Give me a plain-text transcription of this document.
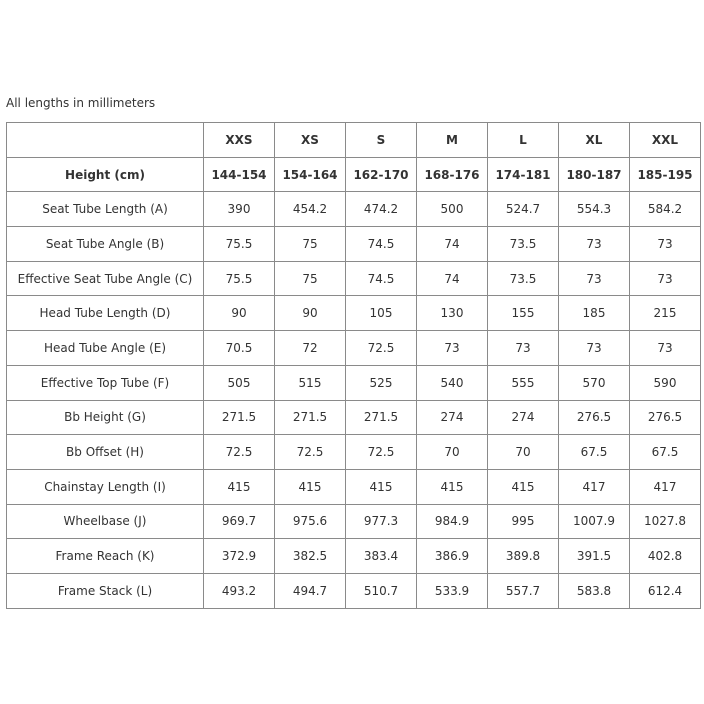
All lengths in millimeters
	XXS	XS	S	M	L	XL	XXL
Height (cm)	144-154	154-164	162-170	168-176	174-181	180-187	185-195
Seat Tube Length (A)	390	454.2	474.2	500	524.7	554.3	584.2
Seat Tube Angle (B)	75.5	75	74.5	74	73.5	73	73
Effective Seat Tube Angle (C)	75.5	75	74.5	74	73.5	73	73
Head Tube Length (D)	90	90	105	130	155	185	215
Head Tube Angle (E)	70.5	72	72.5	73	73	73	73
Effective Top Tube (F)	505	515	525	540	555	570	590
Bb Height (G)	271.5	271.5	271.5	274	274	276.5	276.5
Bb Offset (H)	72.5	72.5	72.5	70	70	67.5	67.5
Chainstay Length (I)	415	415	415	415	415	417	417
Wheelbase (J)	969.7	975.6	977.3	984.9	995	1007.9	1027.8
Frame Reach (K)	372.9	382.5	383.4	386.9	389.8	391.5	402.8
Frame Stack (L)	493.2	494.7	510.7	533.9	557.7	583.8	612.4
